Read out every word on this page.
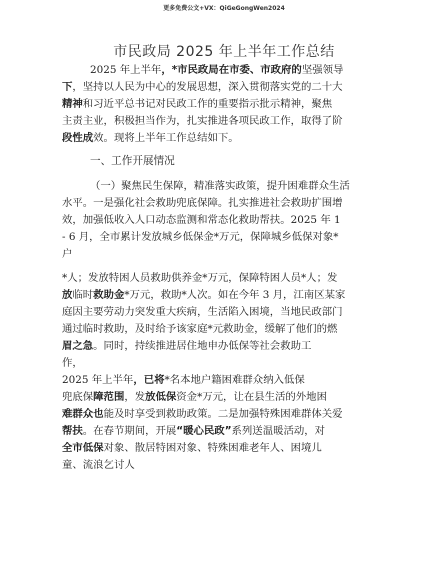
更多免费公文+VX：QiGeGongWen2024
市民政局 2025 年上半年工作总结
2025 年上半年，*市民政局在市委、市政府的坚强领导
下，坚持以人民为中心的发展思想，深入贯彻落实党的二十大
精神和习近平总书记对民政工作的重要指示批示精神，聚焦
主责主业，积极担当作为，扎实推进各项民政工作，取得了阶
段性成效。现将上半年工作总结如下。
一、工作开展情况
（一）聚焦民生保障，精准落实政策，提升困难群众生活
水平。一是强化社会救助兜底保障。扎实推进社会救助扩围增
效，加强低收入人口动态监测和常态化救助帮扶。2025 年 1
- 6 月，全市累计发放城乡低保金*万元，保障城乡低保对象*
户
*人；发放特困人员救助供养金*万元，保障特困人员*人；发
放临时救助金*万元，救助*人次。如在今年 3 月，江南区某家
庭因主要劳动力突发重大疾病，生活陷入困境，当地民政部门
通过临时救助，及时给予该家庭*元救助金，缓解了他们的燃
眉之急。同时，持续推进居住地申办低保等社会救助工
作，
2025 年上半年，已将*名本地户籍困难群众纳入低保
兜底保障范围，发放低保资金*万元，让在县生活的外地困
难群众也能及时享受到救助政策。二是加强特殊困难群体关爱
帮扶。在春节期间，开展“暖心民政”系列送温暖活动，对
全市低保对象、散居特困对象、特殊困难老年人、困境儿
童、流浪乞讨人
